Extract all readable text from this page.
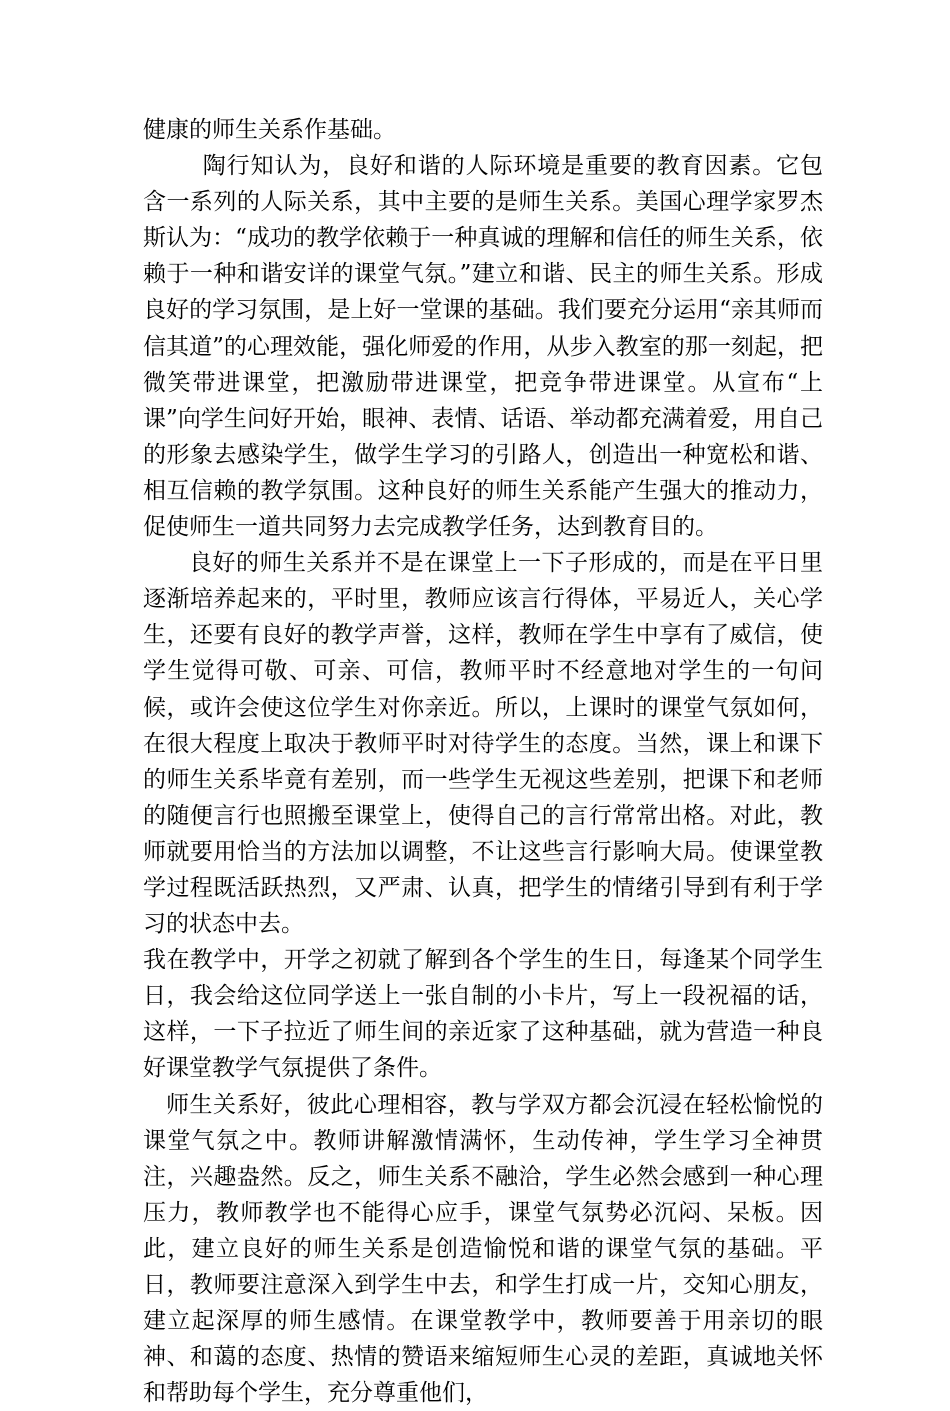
健康的师生关系作基础。

陶行知认为，良好和谐的人际环境是重要的教育因素。它包含一系列的人际关系，其中主要的是师生关系。美国心理学家罗杰斯认为：“成功的教学依赖于一种真诚的理解和信任的师生关系，依赖于一种和谐安详的课堂气氛。”建立和谐、民主的师生关系。形成良好的学习氛围，是上好一堂课的基础。我们要充分运用“亲其师而信其道”的心理效能，强化师爱的作用，从步入教室的那一刻起，把微笑带进课堂，把激励带进课堂，把竞争带进课堂。从宣布“上课”向学生问好开始，眼神、表情、话语、举动都充满着爱，用自己的形象去感染学生，做学生学习的引路人，创造出一种宽松和谐、相互信赖的教学氛围。这种良好的师生关系能产生强大的推动力，促使师生一道共同努力去完成教学任务，达到教育目的。

良好的师生关系并不是在课堂上一下子形成的，而是在平日里逐渐培养起来的，平时里，教师应该言行得体，平易近人，关心学生，还要有良好的教学声誉，这样，教师在学生中享有了威信，使学生觉得可敬、可亲、可信，教师平时不经意地对学生的一句问候，或许会使这位学生对你亲近。所以，上课时的课堂气氛如何，在很大程度上取决于教师平时对待学生的态度。当然，课上和课下的师生关系毕竟有差别，而一些学生无视这些差别，把课下和老师的随便言行也照搬至课堂上，使得自己的言行常常出格。对此，教师就要用恰当的方法加以调整，不让这些言行影响大局。使课堂教学过程既活跃热烈，又严肃、认真，把学生的情绪引导到有利于学习的状态中去。

我在教学中，开学之初就了解到各个学生的生日，每逢某个同学生日，我会给这位同学送上一张自制的小卡片，写上一段祝福的话，这样，一下子拉近了师生间的亲近家了这种基础，就为营造一种良好课堂教学气氛提供了条件。

师生关系好，彼此心理相容，教与学双方都会沉浸在轻松愉悦的课堂气氛之中。教师讲解激情满怀，生动传神，学生学习全神贯注，兴趣盎然。反之，师生关系不融洽，学生必然会感到一种心理压力，教师教学也不能得心应手，课堂气氛势必沉闷、呆板。因此，建立良好的师生关系是创造愉悦和谐的课堂气氛的基础。平日，教师要注意深入到学生中去，和学生打成一片，交知心朋友，建立起深厚的师生感情。在课堂教学中，教师要善于用亲切的眼神、和蔼的态度、热情的赞语来缩短师生心灵的差距，真诚地关怀和帮助每个学生，充分尊重他们，
